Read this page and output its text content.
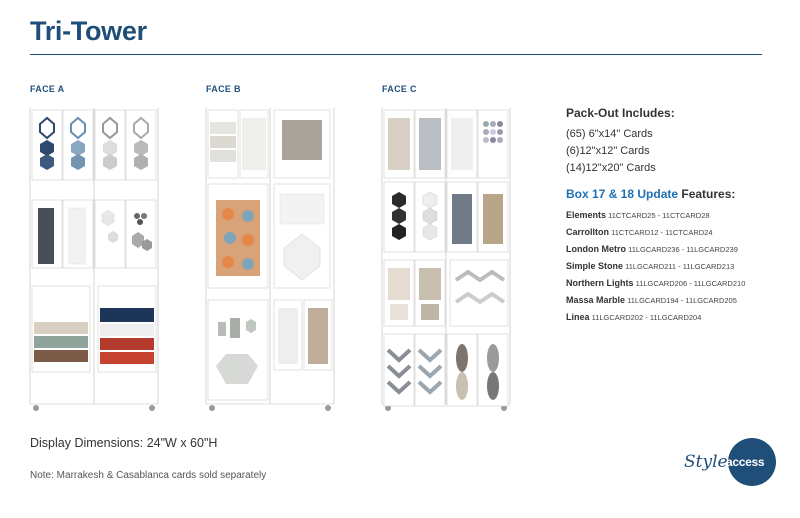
Tri-Tower
FACE A	FACE B	FACE C
Pack-Out Includes:
(65) 6"x14" Cards
(6)12"x12" Cards
(14)12"x20" Cards
Box 17 & 18 Update Features:
Elements 11CTCARD25 - 11CTCARD28
Carrollton 11CTCARD12 - 11CTCARD24
London Metro 11LGCARD236 - 11LGCARD239
Simple Stone 11LGCARD211 - 11LGCARD213
Northern Lights 11LGCARD206 - 11LGCARD210
Massa Marble 11LGCARD194 - 11LGCARD205
Linea 11LGCARD202 - 11LGCARD204
Display Dimensions: 24"W x 60"H
Note: Marrakesh & Casablanca cards sold separately
Style
access
